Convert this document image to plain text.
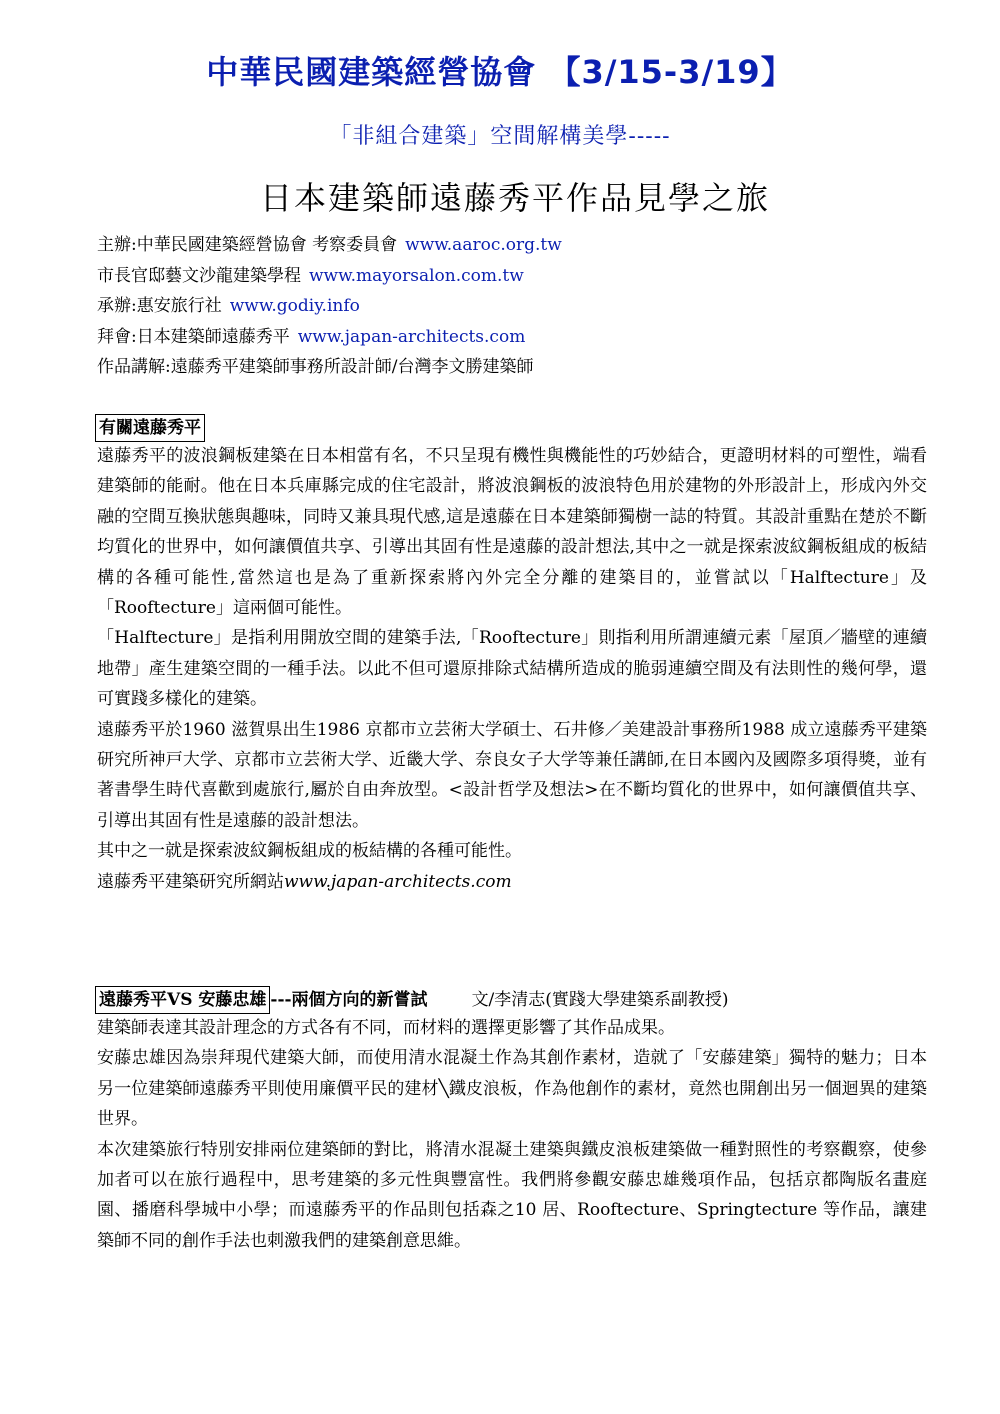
中華民國建築經營協會 【3/15-3/19】
「非組合建築」空間解構美學-----
日本建築師遠藤秀平作品見學之旅
主辦:中華民國建築經營協會 考察委員會 www.aaroc.org.tw
市長官邸藝文沙龍建築學程 www.mayorsalon.com.tw
承辦:惠安旅行社 www.godiy.info
拜會:日本建築師遠藤秀平 www.japan-architects.com
作品講解:遠藤秀平建築師事務所設計師/台灣李文勝建築師
有關遠藤秀平

遠藤秀平的波浪鋼板建築在日本相當有名，不只呈現有機性與機能性的巧妙結合，更證明材料的可塑性，端看建築師的能耐。他在日本兵庫縣完成的住宅設計，將波浪鋼板的波浪特色用於建物的外形設計上，形成內外交融的空間互換狀態與趣味，同時又兼具現代感,這是遠藤在日本建築師獨樹一誌的特質。其設計重點在楚於不斷均質化的世界中，如何讓價值共享、引導出其固有性是遠藤的設計想法,其中之一就是探索波紋鋼板組成的板結構的各種可能性,當然這也是為了重新探索將內外完全分離的建築目的，並嘗試以「Halftecture」及「Rooftecture」這兩個可能性。

「Halftecture」是指利用開放空間的建築手法,「Rooftecture」則指利用所謂連續元素「屋頂／牆壁的連續地帶」產生建築空間的一種手法。以此不但可還原排除式結構所造成的脆弱連續空間及有法則性的幾何學，還可實踐多樣化的建築。

遠藤秀平於1960 滋賀県出生1986 京都市立芸術大学碩士、石井修／美建設計事務所1988 成立遠藤秀平建築研究所神戸大学、京都市立芸術大学、近畿大学、奈良女子大学等兼任講師,在日本國內及國際多項得獎，並有著書學生時代喜歡到處旅行,屬於自由奔放型。<設計哲学及想法>在不斷均質化的世界中，如何讓價值共享、引導出其固有性是遠藤的設計想法。

其中之一就是探索波紋鋼板組成的板結構的各種可能性。

遠藤秀平建築研究所網站www.japan-architects.com

遠藤秀平VS 安藤忠雄 ---兩個方向的新嘗試	文/李清志(實踐大學建築系副教授)

建築師表達其設計理念的方式各有不同，而材料的選擇更影響了其作品成果。

安藤忠雄因為崇拜現代建築大師，而使用清水混凝土作為其創作素材，造就了「安藤建築」獨特的魅力；日本另一位建築師遠藤秀平則使用廉價平民的建材╲鐵皮浪板，作為他創作的素材，竟然也開創出另一個迴異的建築世界。

本次建築旅行特別安排兩位建築師的對比，將清水混凝土建築與鐵皮浪板建築做一種對照性的考察觀察，使參加者可以在旅行過程中，思考建築的多元性與豐富性。我們將參觀安藤忠雄幾項作品，包括京都陶版名畫庭園、播磨科學城中小學；而遠藤秀平的作品則包括森之10 居、Rooftecture、Springtecture 等作品，讓建築師不同的創作手法也刺激我們的建築創意思維。
